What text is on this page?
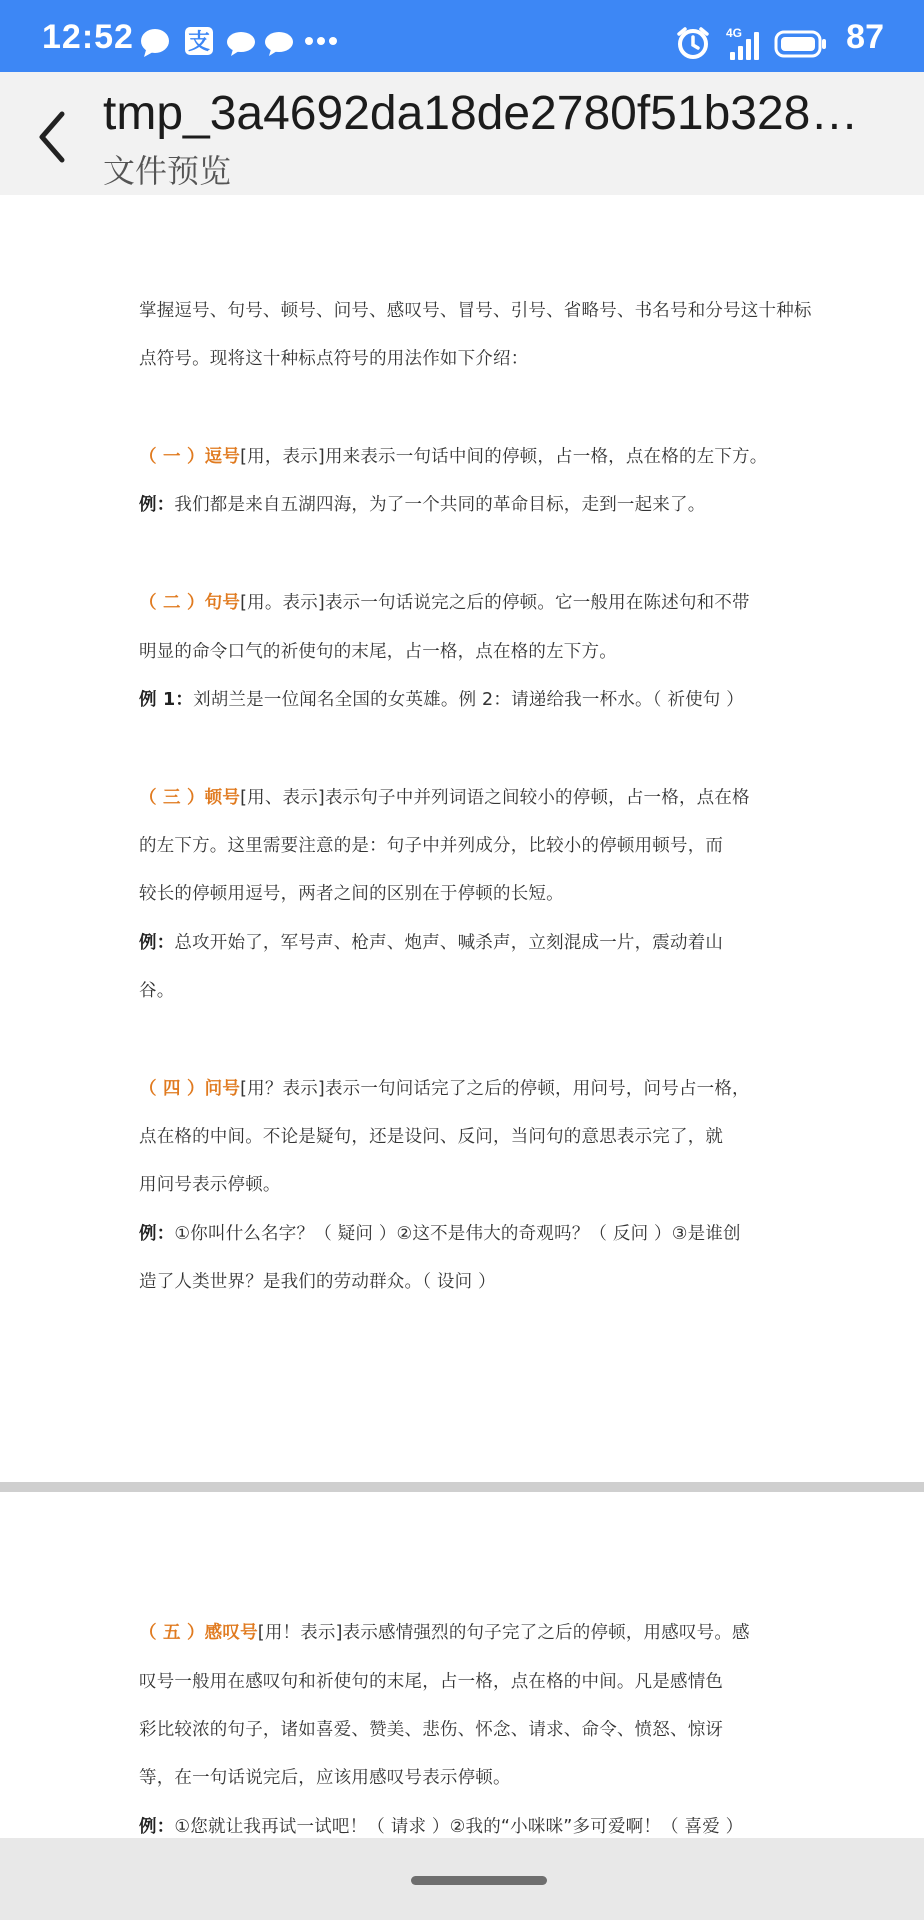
12:52 支	4G	87
tmp_3a4692da18de2780f51b328…
文件预览
掌握逗号、句号、顿号、问号、感叹号、冒号、引号、省略号、书名号和分号这十种标
点符号。现将这十种标点符号的用法作如下介绍：
（ 一 ）逗号[用，表示]用来表示一句话中间的停顿，占一格，点在格的左下方。
例：我们都是来自五湖四海，为了一个共同的革命目标，走到一起来了。
（ 二 ）句号[用。表示]表示一句话说完之后的停顿。它一般用在陈述句和不带
明显的命令口气的祈使句的末尾，占一格，点在格的左下方。
例 1：刘胡兰是一位闻名全国的女英雄。例 2：请递给我一杯水。（ 祈使句 ）
（ 三 ）顿号[用、表示]表示句子中并列词语之间较小的停顿，占一格，点在格
的左下方。这里需要注意的是：句子中并列成分，比较小的停顿用顿号，而
较长的停顿用逗号，两者之间的区别在于停顿的长短。
例：总攻开始了，军号声、枪声、炮声、喊杀声，立刻混成一片，震动着山
谷。
（ 四 ）问号[用？表示]表示一句问话完了之后的停顿，用问号，问号占一格，
点在格的中间。不论是疑句，还是设问、反问，当问句的意思表示完了，就
用问号表示停顿。
例：①你叫什么名字？（ 疑问 ）②这不是伟大的奇观吗？（ 反问 ）③是谁创
造了人类世界？是我们的劳动群众。（ 设问 ）
（ 五 ）感叹号[用！表示]表示感情强烈的句子完了之后的停顿，用感叹号。感
叹号一般用在感叹句和祈使句的末尾，占一格，点在格的中间。凡是感情色
彩比较浓的句子，诸如喜爱、赞美、悲伤、怀念、请求、命令、愤怒、惊讶
等，在一句话说完后，应该用感叹号表示停顿。
例：①您就让我再试一试吧！（ 请求 ）②我的“小咪咪”多可爱啊！（ 喜爱 ）
